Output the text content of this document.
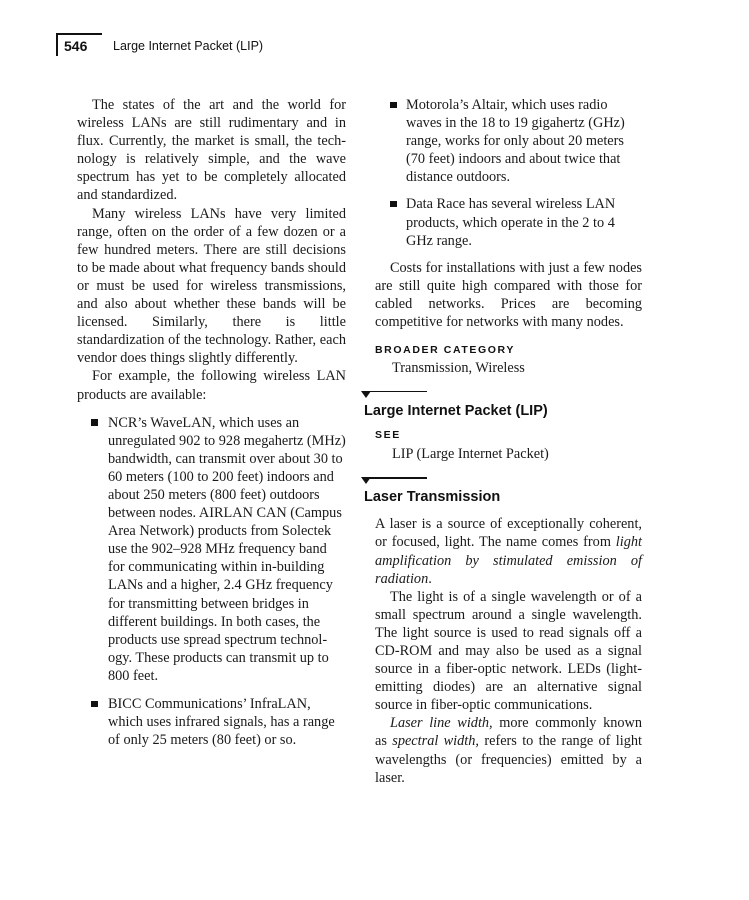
546 Large Internet Packet (LIP)

The states of the art and the world for wireless LANs are still rudimentary and in flux. Currently, the market is small, the technology is relatively simple, and the wave spectrum has yet to be completely allocated and standardized.

Many wireless LANs have very limited range, often on the order of a few dozen or a few hundred meters. There are still decisions to be made about what frequency bands should or must be used for wireless transmissions, and also about whether these bands will be licensed. Similarly, there is little standardization of the technology. Rather, each vendor does things slightly differently.

For example, the following wireless LAN products are available:

NCR’s WaveLAN, which uses an unregulated 902 to 928 megahertz (MHz) bandwidth, can transmit over about 30 to 60 meters (100 to 200 feet) indoors and about 250 meters (800 feet) outdoors between nodes. AIRLAN CAN (Campus Area Network) products from Solectek use the 902–928 MHz frequency band for communicating within in-building LANs and a higher, 2.4 GHz frequency for transmitting between bridges in different buildings. In both cases, the products use spread spectrum technology. These products can transmit up to 800 feet.
BICC Communications’ InfraLAN, which uses infrared signals, has a range of only 25 meters (80 feet) or so.
Motorola’s Altair, which uses radio waves in the 18 to 19 gigahertz (GHz) range, works for only about 20 meters (70 feet) indoors and about twice that distance outdoors.
Data Race has several wireless LAN products, which operate in the 2 to 4 GHz range.

Costs for installations with just a few nodes are still quite high compared with those for cabled networks. Prices are becoming competitive for networks with many nodes.

BROADER CATEGORY
Transmission, Wireless
Large Internet Packet (LIP)
SEE
LIP (Large Internet Packet)
Laser Transmission

A laser is a source of exceptionally coherent, or focused, light. The name comes from light amplification by stimulated emission of radiation.

The light is of a single wavelength or of a small spectrum around a single wavelength. The light source is used to read signals off a CD-ROM and may also be used as a signal source in a fiber-optic network. LEDs (light-emitting diodes) are an alternative signal source in fiber-optic communications.

Laser line width, more commonly known as spectral width, refers to the range of light wavelengths (or frequencies) emitted by a laser.
